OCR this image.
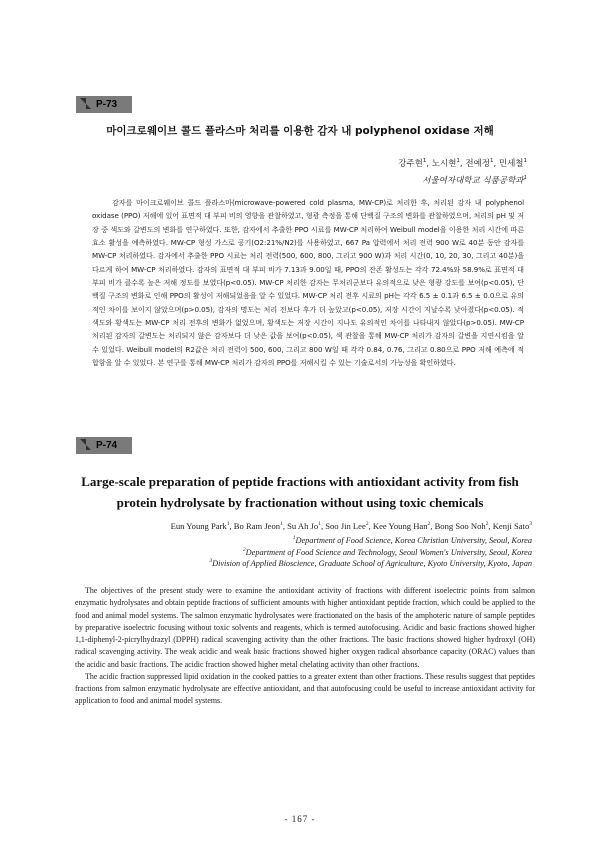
P-73
마이크로웨이브 콜드 플라스마 처리를 이용한 감자 내 polyphenol oxidase 저해
강주현$^1$, 노시현$^1$, 전예정$^1$, 민세철$^1$
서울여자대학교 식품공학과$^1$
감자를 마이크로웨이브 콜드 플라스마(microwave-powered cold plasma, MW-CP)로 처리한 후, 처리된 감자 내 polyphenol oxidase (PPO) 저해에 있어 표면적 대 부피 비의 영향을 관찰하였고, 형광 측정을 통해 단백질 구조의 변화를 관찰하였으며, 처리의 pH 및 저장 중 색도와 갈변도의 변화를 연구하였다. 또한, 감자에서 추출한 PPO 시료를 MW-CP 처리하여 Weibull model을 이용한 처리 시간에 따른 효소 활성을 예측하였다. MW-CP 형성 가스로 공기(O2:21%/N2)를 사용하였고, 667 Pa 압력에서 처리 전력 900 W로 40분 동안 감자를 MW-CP 처리하였다. 감자에서 추출한 PPO 시료는 처리 전력(500, 600, 800, 그리고 900 W)과 처리 시간(0, 10, 20, 30, 그리고 40분)을 다르게 하여 MW-CP 처리하였다. 감자의 표면적 대 부피 비가 7.13과 9.00일 때, PPO의 잔존 활성도는 각각 72.4%와 58.9%로 표면적 대 부피 비가 클수록 높은 저해 정도를 보였다(p<0.05). MW-CP 처리한 감자는 무처리군보다 유의적으로 낮은 형광 강도를 보여(p<0.05), 단백질 구조의 변화로 인해 PPO의 활성이 저해되었음을 알 수 있었다. MW-CP 처리 전후 시료의 pH는 각각 6.5 ± 0.1과 6.5 ± 0.0으로 유의적인 차이를 보이지 않았으며(p>0.05), 감자의 명도는 처리 전보다 후가 더 높았고(p<0.05), 저장 시간이 지날수록 낮아졌다(p<0.05). 적색도와 황색도는 MW-CP 처리 전후의 변화가 없었으며, 황색도는 저장 시간이 지나도 유의적인 차이를 나타내지 않았다(p>0.05). MW-CP 처리된 감자의 갈변도는 처리되지 않은 감자보다 더 낮은 값을 보여(p<0.05), 색 관찰을 통해 MW-CP 처리가 감자의 갈변을 지연시킴을 알 수 있었다. Weibull model의 R2값은 처리 전력이 500, 600, 그리고 800 W일 때 각각 0.84, 0.76, 그리고 0.80으로 PPO 저해 예측에 적합함을 알 수 있었다. 본 연구를 통해 MW-CP 처리가 감자의 PPO를 저해시킬 수 있는 기술로서의 가능성을 확인하였다.
P-74
Large-scale preparation of peptide fractions with antioxidant activity from fish protein hydrolysate by fractionation without using toxic chemicals
Eun Young Park$^1$, Bo Ram Jeon$^1$, Su Ah Jo$^1$, Soo Jin Lee$^2$, Kee Young Han$^2$, Bong Soo Noh$^2$, Kenji Sato$^3$
$^1$Department of Food Science, Korea Christian University, Seoul, Korea
$^2$Department of Food Science and Technology, Seoul Women's University, Seoul, Korea
$^3$Division of Applied Bioscience, Graduate School of Agriculture, Kyoto University, Kyoto, Japan

The objectives of the present study were to examine the antioxidant activity of fractions with different isoelectric points from salmon enzymatic hydrolysates and obtain peptide fractions of sufficient amounts with higher antioxidant peptide fraction, which could be applied to the food and animal model systems. The salmon enzymatic hydrolysates were fractionated on the basis of the amphoteric nature of sample peptides by preparative isoelectric focusing without toxic solvents and reagents, which is termed autofocusing. Acidic and basic fractions showed higher 1,1-diphenyl-2-picrylhydrazyl (DPPH) radical scavenging activity than the other fractions. The basic fractions showed higher hydroxyl (OH) radical scavenging activity. The weak acidic and weak basic fractions showed higher oxygen radical absorbance capacity (ORAC) values than the acidic and basic fractions. The acidic fraction showed higher metal chelating activity than other fractions.

The acidic fraction suppressed lipid oxidation in the cooked patties to a greater extent than other fractions. These results suggest that peptides fractions from salmon enzymatic hydrolysate are effective antioxidant, and that autofocusing could be useful to increase antioxidant activity for application to food and animal model systems.

- 167 -
